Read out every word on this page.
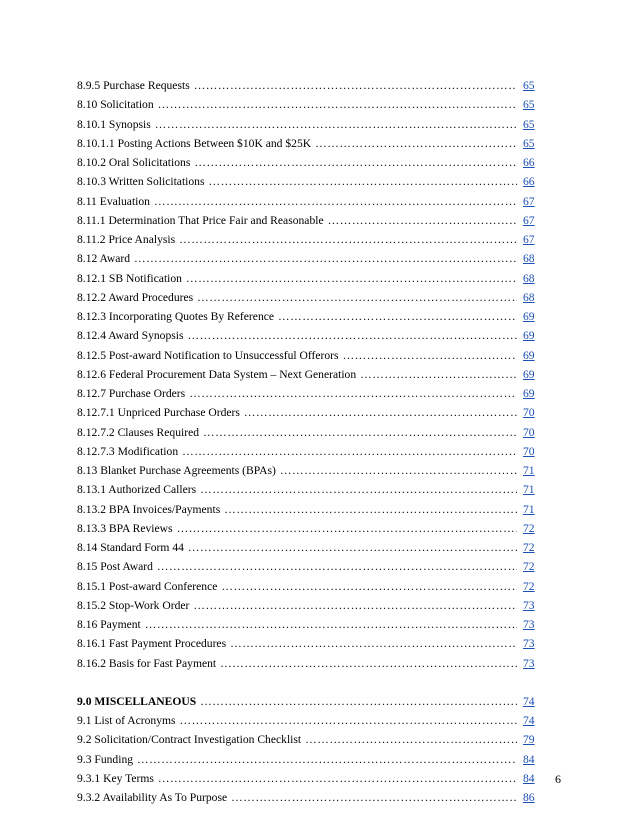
8.9.5 Purchase Requests ……………………………………………………………………………………………………………………………………	65
8.10 Solicitation ……………………………………………………………………………………………………………………………………	65
8.10.1 Synopsis ……………………………………………………………………………………………………………………………………	65
8.10.1.1 Posting Actions Between $10K and $25K ……………………………………………………………………………………………………………………………………	65
8.10.2 Oral Solicitations ……………………………………………………………………………………………………………………………………	66
8.10.3 Written Solicitations ……………………………………………………………………………………………………………………………………	66
8.11 Evaluation ……………………………………………………………………………………………………………………………………	67
8.11.1 Determination That Price Fair and Reasonable ……………………………………………………………………………………………………………………………………	67
8.11.2 Price Analysis ……………………………………………………………………………………………………………………………………	67
8.12 Award ……………………………………………………………………………………………………………………………………	68
8.12.1 SB Notification ……………………………………………………………………………………………………………………………………	68
8.12.2 Award Procedures ……………………………………………………………………………………………………………………………………	68
8.12.3 Incorporating Quotes By Reference ……………………………………………………………………………………………………………………………………	69
8.12.4 Award Synopsis ……………………………………………………………………………………………………………………………………	69
8.12.5 Post-award Notification to Unsuccessful Offerors ……………………………………………………………………………………………………………………………………	69
8.12.6 Federal Procurement Data System – Next Generation ……………………………………………………………………………………………………………………………………	69
8.12.7 Purchase Orders ……………………………………………………………………………………………………………………………………	69
8.12.7.1 Unpriced Purchase Orders ……………………………………………………………………………………………………………………………………	70
8.12.7.2 Clauses Required ……………………………………………………………………………………………………………………………………	70
8.12.7.3 Modification ……………………………………………………………………………………………………………………………………	70
8.13 Blanket Purchase Agreements (BPAs) ……………………………………………………………………………………………………………………………………	71
8.13.1 Authorized Callers ……………………………………………………………………………………………………………………………………	71
8.13.2 BPA Invoices/Payments ……………………………………………………………………………………………………………………………………	71
8.13.3 BPA Reviews ……………………………………………………………………………………………………………………………………	72
8.14 Standard Form 44 ……………………………………………………………………………………………………………………………………	72
8.15 Post Award ……………………………………………………………………………………………………………………………………	72
8.15.1 Post-award Conference ……………………………………………………………………………………………………………………………………	72
8.15.2 Stop-Work Order ……………………………………………………………………………………………………………………………………	73
8.16 Payment ……………………………………………………………………………………………………………………………………	73
8.16.1 Fast Payment Procedures ……………………………………………………………………………………………………………………………………	73
8.16.2 Basis for Fast Payment ……………………………………………………………………………………………………………………………………	73
9.0 MISCELLANEOUS ……………………………………………………………………………………………………………………………………	74
9.1 List of Acronyms ……………………………………………………………………………………………………………………………………	74
9.2 Solicitation/Contract Investigation Checklist ……………………………………………………………………………………………………………………………………	79
9.3 Funding ……………………………………………………………………………………………………………………………………	84
9.3.1 Key Terms ……………………………………………………………………………………………………………………………………	84
9.3.2 Availability As To Purpose ……………………………………………………………………………………………………………………………………	86
6
